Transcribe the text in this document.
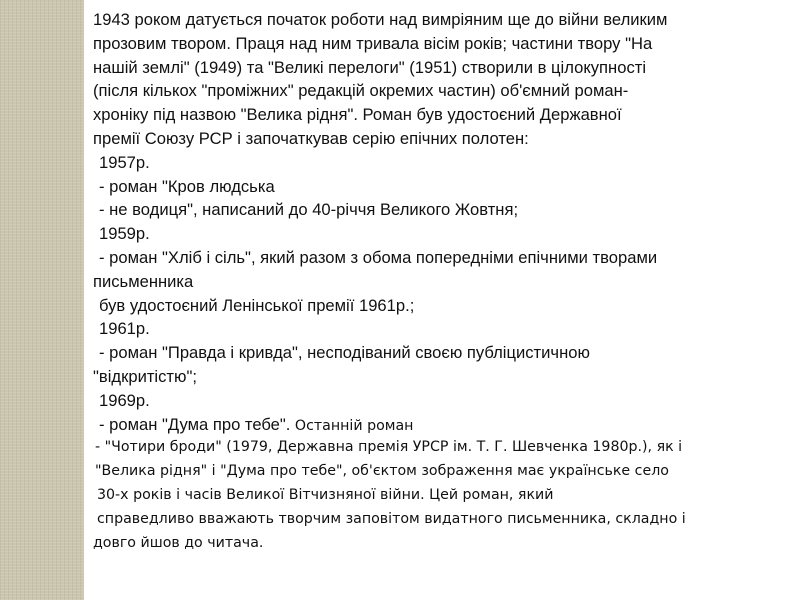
1943 роком датується початок роботи над вимріяним ще до війни великим
прозовим твором. Праця над ним тривала вісім років; частини твору "На
нашій землі" (1949) та "Великі перелоги" (1951) створили в цілокупності
(після кількох "проміжних" редакцій окремих частин) об'ємний роман-
хроніку під назвою "Велика рідня". Роман був удостоєний Державної
премії Союзу РСР і започаткував серію епічних полотен:
1957р.
- роман "Кров людська
- не водиця", написаний до 40-річчя Великого Жовтня;
1959р.
- роман "Хліб і сіль", який разом з обома попередніми епічними творами
письменника
був удостоєний Ленінської премії 1961р.;
1961р.
- роман "Правда і кривда", несподіваний своєю публіцистичною
"відкритістю";
1969р.
- роман "Дума про тебе". Останній роман
- "Чотири броди" (1979, Державна премія УРСР ім. Т. Г. Шевченка 1980р.), як і
"Велика рідня" і "Дума про тебе", об'єктом зображення має українське село
30-х років і часів Великої Вітчизняної війни. Цей роман, який
справедливо вважають творчим заповітом видатного письменника, складно і
довго йшов до читача.
